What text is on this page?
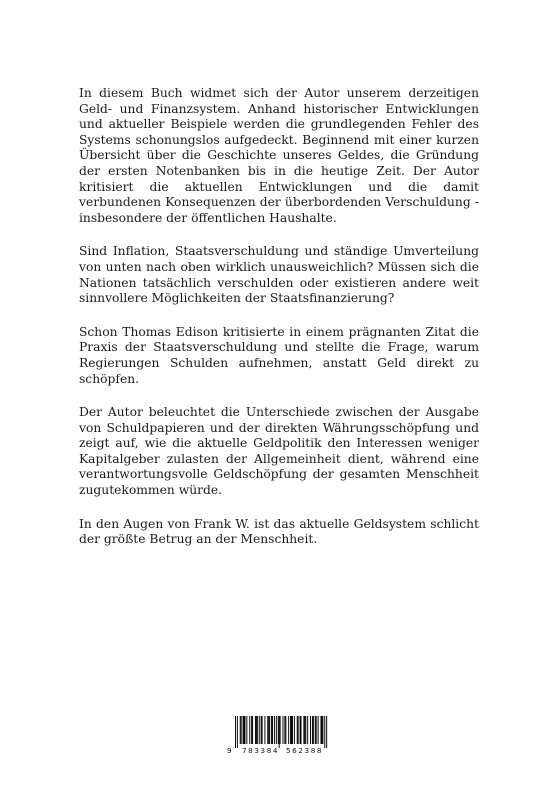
In diesem Buch widmet sich der Autor unserem derzeitigen Geld- und Finanzsystem. Anhand historischer Entwicklungen und aktueller Beispiele werden die grundlegenden Fehler des Systems schonungslos aufgedeckt. Beginnend mit einer kurzen Übersicht über die Geschichte unseres Geldes, die Gründung der ersten Notenbanken bis in die heutige Zeit. Der Autor kritisiert die aktuellen Entwicklungen und die damit verbundenen Konsequenzen der überbordenden Verschuldung - insbesondere der öffentlichen Haushalte.

Sind Inflation, Staatsverschuldung und ständige Umverteilung von unten nach oben wirklich unausweichlich? Müssen sich die Nationen tatsächlich verschulden oder existieren andere weit sinnvollere Möglichkeiten der Staatsfinanzierung?

Schon Thomas Edison kritisierte in einem prägnanten Zitat die Praxis der Staatsverschuldung und stellte die Frage, warum Regierungen Schulden aufnehmen, anstatt Geld direkt zu schöpfen.

Der Autor beleuchtet die Unterschiede zwischen der Ausgabe von Schuldpapieren und der direkten Währungsschöpfung und zeigt auf, wie die aktuelle Geldpolitik den Interessen weniger Kapitalgeber zulasten der Allgemeinheit dient, während eine verantwortungsvolle Geldschöpfung der gesamten Menschheit zugutekommen würde.

In den Augen von Frank W. ist das aktuelle Geldsystem schlicht der größte Betrug an der Menschheit.

9 783384 562388
